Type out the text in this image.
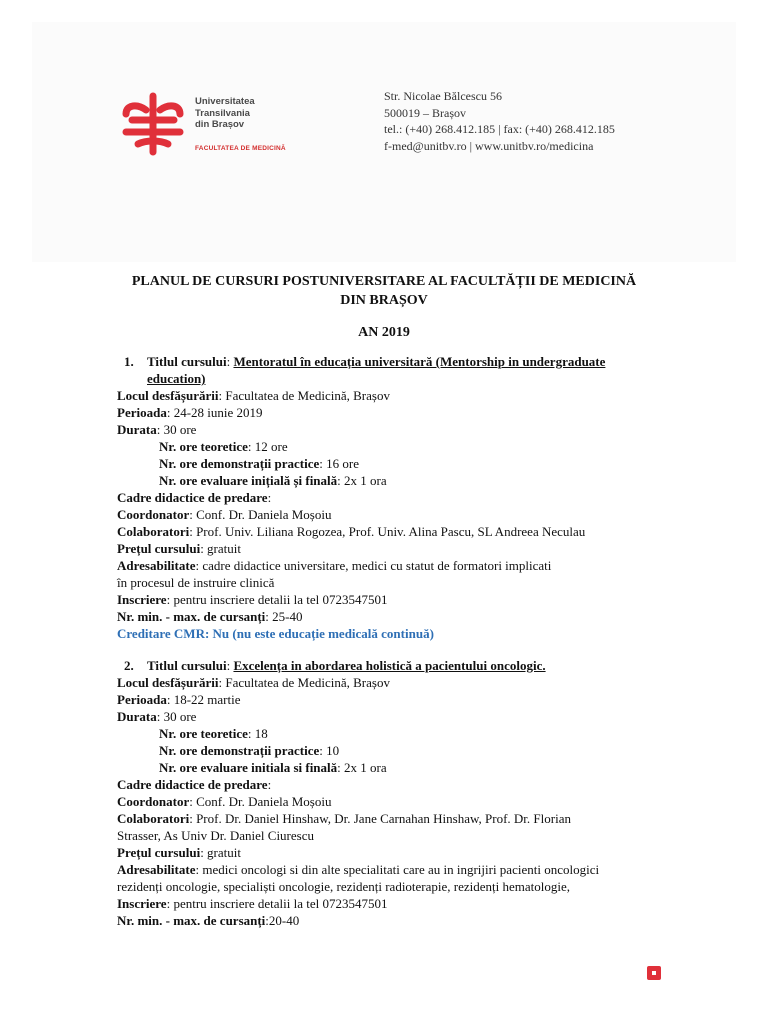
Universitatea
Transilvania
din Brașov
FACULTATEA DE MEDICINĂ
Str. Nicolae Bălcescu 56
500019 – Brașov
tel.: (+40) 268.412.185 | fax: (+40) 268.412.185
f-med@unitbv.ro | www.unitbv.ro/medicina
PLANUL DE CURSURI POSTUNIVERSITARE AL FACULTĂȚII DE MEDICINĂ
DIN BRAȘOV
AN 2019
1. Titlul cursului: Mentoratul în educația universitară (Mentorship in undergraduate
education)
Locul desfășurării: Facultatea de Medicină, Brașov
Perioada: 24-28 iunie 2019
Durata: 30 ore
Nr. ore teoretice: 12 ore
Nr. ore demonstrații practice: 16 ore
Nr. ore evaluare inițială și finală: 2x 1 ora
Cadre didactice de predare:
Coordonator: Conf. Dr. Daniela Moșoiu
Colaboratori: Prof. Univ. Liliana Rogozea, Prof. Univ. Alina Pascu, SL Andreea Neculau
Prețul cursului: gratuit
Adresabilitate: cadre didactice universitare, medici cu statut de formatori implicati
în procesul de instruire clinică
Inscriere: pentru inscriere detalii la tel 0723547501
Nr. min. - max. de cursanți: 25-40
Creditare CMR: Nu (nu este educație medicală continuă)
2. Titlul cursului: Excelența in abordarea holistică a pacientului oncologic.
Locul desfășurării: Facultatea de Medicină, Brașov
Perioada: 18-22 martie
Durata: 30 ore
Nr. ore teoretice: 18
Nr. ore demonstrații practice: 10
Nr. ore evaluare initiala si finală: 2x 1 ora
Cadre didactice de predare:
Coordonator: Conf. Dr. Daniela Moșoiu
Colaboratori: Prof. Dr. Daniel Hinshaw, Dr. Jane Carnahan Hinshaw, Prof. Dr. Florian
Strasser, As Univ Dr. Daniel Ciurescu
Prețul cursului: gratuit
Adresabilitate: medici oncologi si din alte specialitati care au in ingrijiri pacienti oncologici
rezidenți oncologie, specialiști oncologie, rezidenți radioterapie, rezidenți hematologie,
Inscriere: pentru inscriere detalii la tel 0723547501
Nr. min. - max. de cursanți:20-40
